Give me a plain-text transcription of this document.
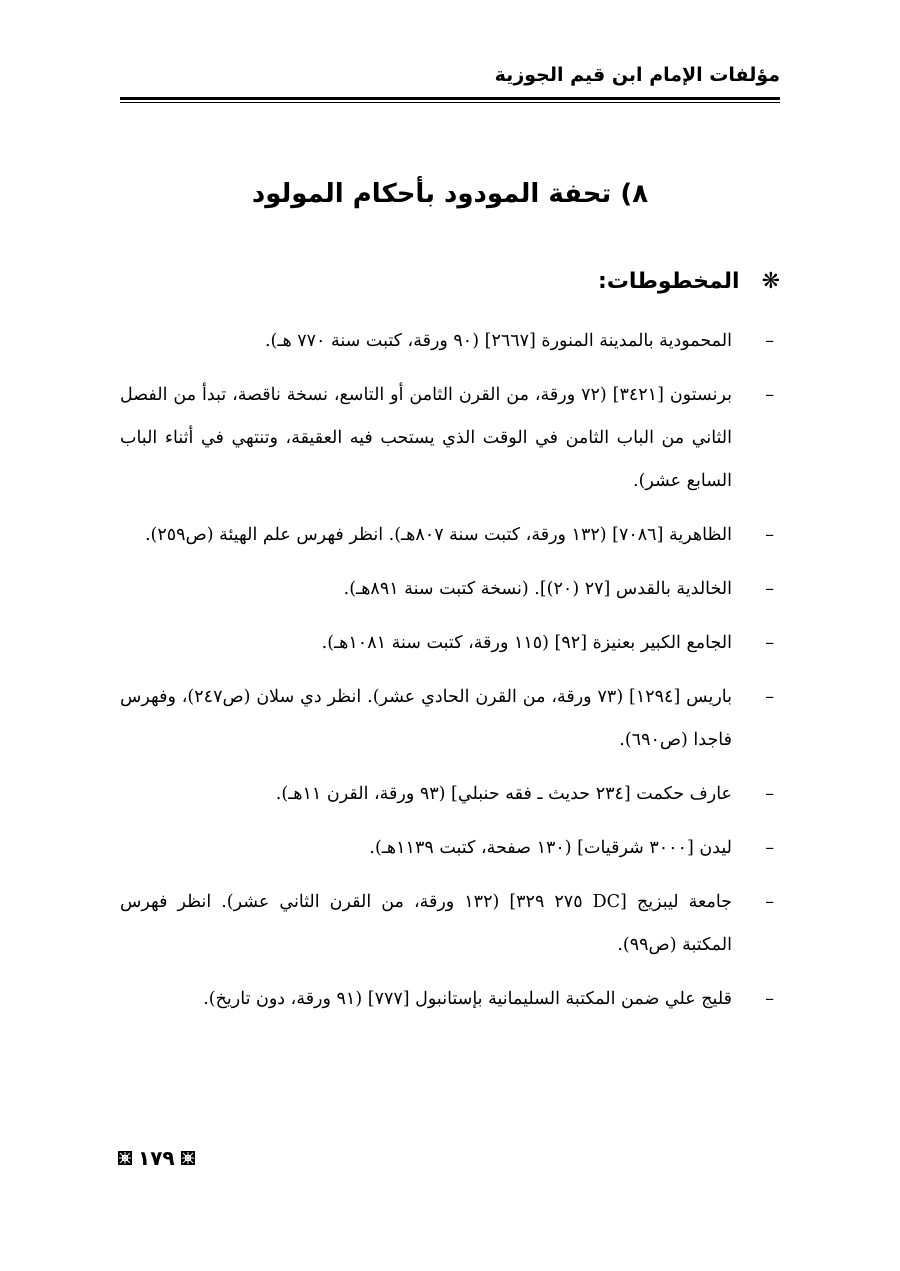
مؤلفات الإمام ابن قيم الجوزية
٨) تحفة المودود بأحكام المولود
❋المخطوطات:
–
المحمودية بالمدينة المنورة [٢٦٦٧] (٩٠ ورقة، كتبت سنة ٧٧٠ هـ).
–
برنستون [٣٤٢١] (٧٢ ورقة، من القرن الثامن أو التاسع، نسخة ناقصة، تبدأ من الفصل الثاني من الباب الثامن في الوقت الذي يستحب فيه العقيقة، وتنتهي في أثناء الباب السابع عشر).
–
الظاهرية [٧٠٨٦] (١٣٢ ورقة، كتبت سنة ٨٠٧هـ). انظر فهرس علم الهيئة (ص٢٥٩).
–
الخالدية بالقدس [٢٧ (٢٠)]. (نسخة كتبت سنة ٨٩١هـ).
–
الجامع الكبير بعنيزة [٩٢] (١١٥ ورقة، كتبت سنة ١٠٨١هـ).
–
باريس [١٢٩٤] (٧٣ ورقة، من القرن الحادي عشر). انظر دي سلان (ص٢٤٧)، وفهرس فاجدا (ص٦٩٠).
–
عارف حكمت [٢٣٤ حديث ـ فقه حنبلي] (٩٣ ورقة، القرن ١١هـ).
–
ليدن [٣٠٠٠ شرقيات] (١٣٠ صفحة، كتبت ١١٣٩هـ).
–
جامعة ليبزيج [DC ٢٧٥ ٣٢٩] (١٣٢ ورقة، من القرن الثاني عشر). انظر فهرس المكتبة (ص٩٩).
–
قليج علي ضمن المكتبة السليمانية بإستانبول [٧٧٧] (٩١ ورقة، دون تاريخ).
١٧٩
